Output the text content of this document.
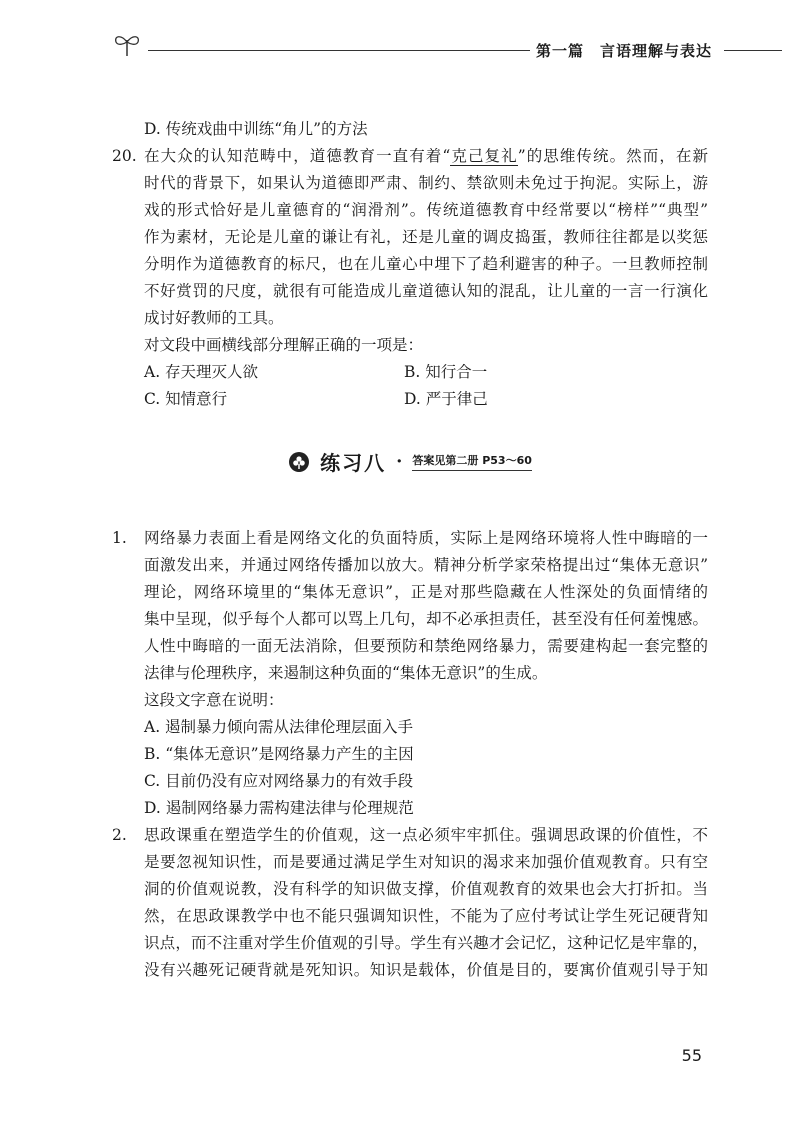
第一篇　言语理解与表达
D. 传统戏曲中训练“角儿”的方法
20. 在大众的认知范畴中，道德教育一直有着“克己复礼”的思维传统。然而，在新
时代的背景下，如果认为道德即严肃、制约、禁欲则未免过于拘泥。实际上，游
戏的形式恰好是儿童德育的“润滑剂”。传统道德教育中经常要以“榜样”“典型”
作为素材，无论是儿童的谦让有礼，还是儿童的调皮捣蛋，教师往往都是以奖惩
分明作为道德教育的标尺，也在儿童心中埋下了趋利避害的种子。一旦教师控制
不好赏罚的尺度，就很有可能造成儿童道德认知的混乱，让儿童的一言一行演化
成讨好教师的工具。
对文段中画横线部分理解正确的一项是：
A. 存天理灭人欲	B. 知行合一
C. 知情意行	D. 严于律己
练习八 · 答案见第二册 P53～60
1. 网络暴力表面上看是网络文化的负面特质，实际上是网络环境将人性中晦暗的一
面激发出来，并通过网络传播加以放大。精神分析学家荣格提出过“集体无意识”
理论，网络环境里的“集体无意识”，正是对那些隐藏在人性深处的负面情绪的
集中呈现，似乎每个人都可以骂上几句，却不必承担责任，甚至没有任何羞愧感。
人性中晦暗的一面无法消除，但要预防和禁绝网络暴力，需要建构起一套完整的
法律与伦理秩序，来遏制这种负面的“集体无意识”的生成。
这段文字意在说明：
A. 遏制暴力倾向需从法律伦理层面入手
B. “集体无意识”是网络暴力产生的主因
C. 目前仍没有应对网络暴力的有效手段
D. 遏制网络暴力需构建法律与伦理规范
2. 思政课重在塑造学生的价值观，这一点必须牢牢抓住。强调思政课的价值性，不
是要忽视知识性，而是要通过满足学生对知识的渴求来加强价值观教育。只有空
洞的价值观说教，没有科学的知识做支撑，价值观教育的效果也会大打折扣。当
然，在思政课教学中也不能只强调知识性，不能为了应付考试让学生死记硬背知
识点，而不注重对学生价值观的引导。学生有兴趣才会记忆，这种记忆是牢靠的，
没有兴趣死记硬背就是死知识。知识是载体，价值是目的，要寓价值观引导于知
55
